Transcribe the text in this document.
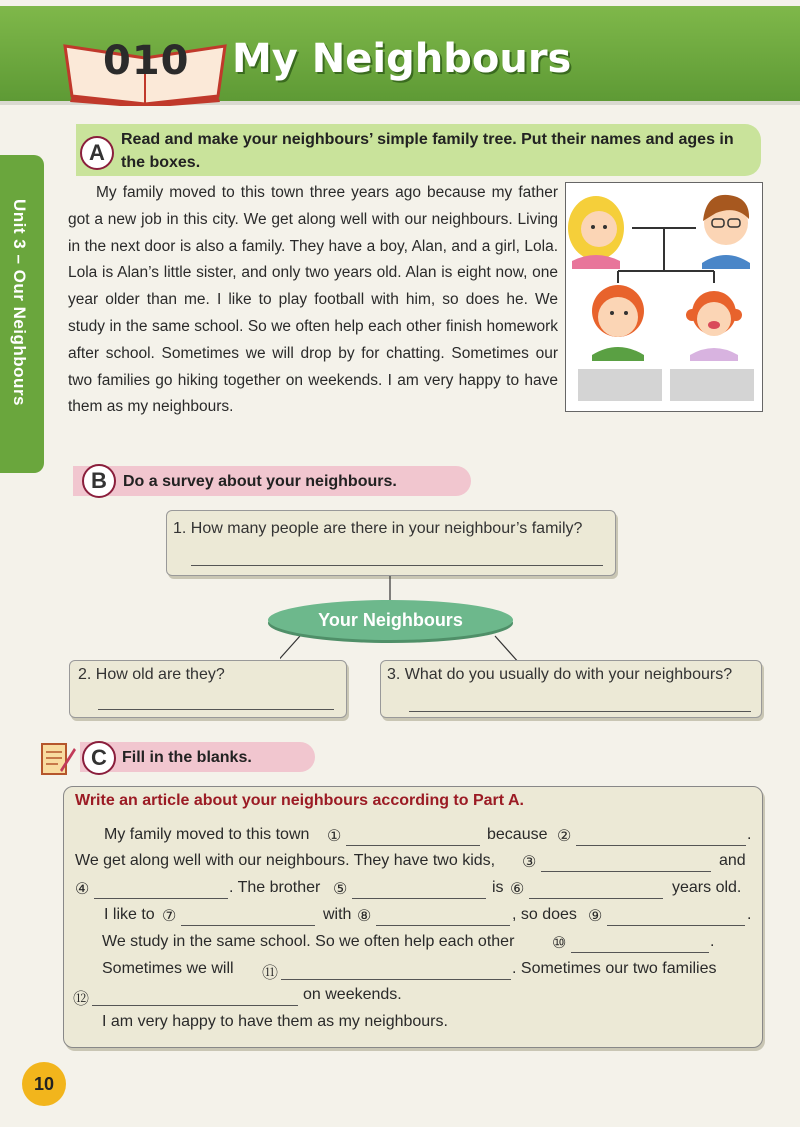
010 My Neighbours
Unit 3 – Our Neighbours
A
Read and make your neighbours’ simple family tree. Put their names and ages in the boxes.
My family moved to this town three years ago because my father got a new job in this city. We get along well with our neighbours. Living in the next door is also a family. They have a boy, Alan, and a girl, Lola. Lola is Alan’s little sister, and only two years old. Alan is eight now, one year older than me. I like to play football with him, so does he. We study in the same school. So we often help each other finish homework after school. Sometimes we will drop by for chatting. Sometimes our two families go hiking together on weekends. I am very happy to have them as my neighbours.
B	Do a survey about your neighbours.
1. How many people are there in your neighbour’s family?
Your Neighbours
2. How old are they?	3. What do you usually do with your neighbours?
C Fill in the blanks.
Write an article about your neighbours according to Part A.
My family moved to this town ①	because ②	.
We get along well with our neighbours. They have two kids, ③	and
④	. The brother ⑤	is ⑥	years old.
I like to ⑦	with ⑧	, so does ⑨	.
We study in the same school. So we often help each other ⑩	.
Sometimes we will ⑪	. Sometimes our two families
⑫	on weekends.
I am very happy to have them as my neighbours.
10
